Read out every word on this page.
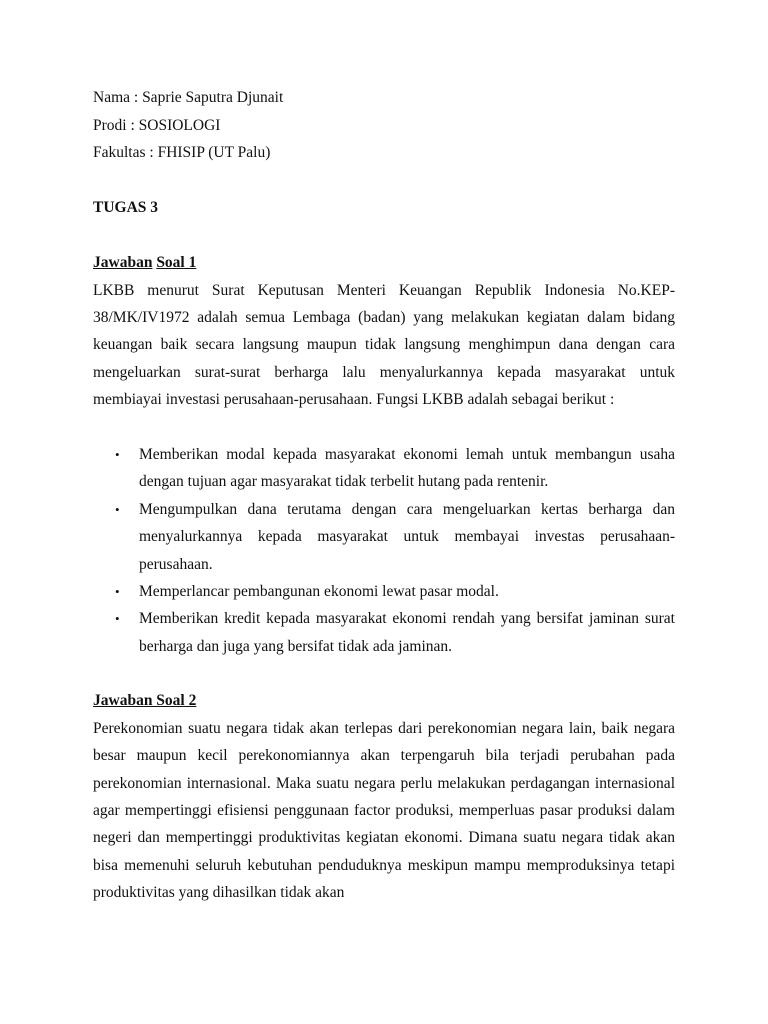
Nama : Saprie Saputra Djunait

Prodi : SOSIOLOGI

Fakultas : FHISIP (UT Palu)

TUGAS 3

Jawaban Soal 1

LKBB menurut Surat Keputusan Menteri Keuangan Republik Indonesia No.KEP-38/MK/IV1972 adalah semua Lembaga (badan) yang melakukan kegiatan dalam bidang keuangan baik secara langsung maupun tidak langsung menghimpun dana dengan cara mengeluarkan surat-surat berharga lalu menyalurkannya kepada masyarakat untuk membiayai investasi perusahaan-perusahaan. Fungsi LKBB adalah sebagai berikut :

• Memberikan modal kepada masyarakat ekonomi lemah untuk membangun usaha dengan tujuan agar masyarakat tidak terbelit hutang pada rentenir.
• Mengumpulkan dana terutama dengan cara mengeluarkan kertas berharga dan menyalurkannya kepada masyarakat untuk membayai investas perusahaan-perusahaan.
• Memperlancar pembangunan ekonomi lewat pasar modal.
• Memberikan kredit kepada masyarakat ekonomi rendah yang bersifat jaminan surat berharga dan juga yang bersifat tidak ada jaminan.

Jawaban Soal 2

Perekonomian suatu negara tidak akan terlepas dari perekonomian negara lain, baik negara besar maupun kecil perekonomiannya akan terpengaruh bila terjadi perubahan pada perekonomian internasional. Maka suatu negara perlu melakukan perdagangan internasional agar mempertinggi efisiensi penggunaan factor produksi, memperluas pasar produksi dalam negeri dan mempertinggi produktivitas kegiatan ekonomi. Dimana suatu negara tidak akan bisa memenuhi seluruh kebutuhan penduduknya meskipun mampu memproduksinya tetapi produktivitas yang dihasilkan tidak akan
